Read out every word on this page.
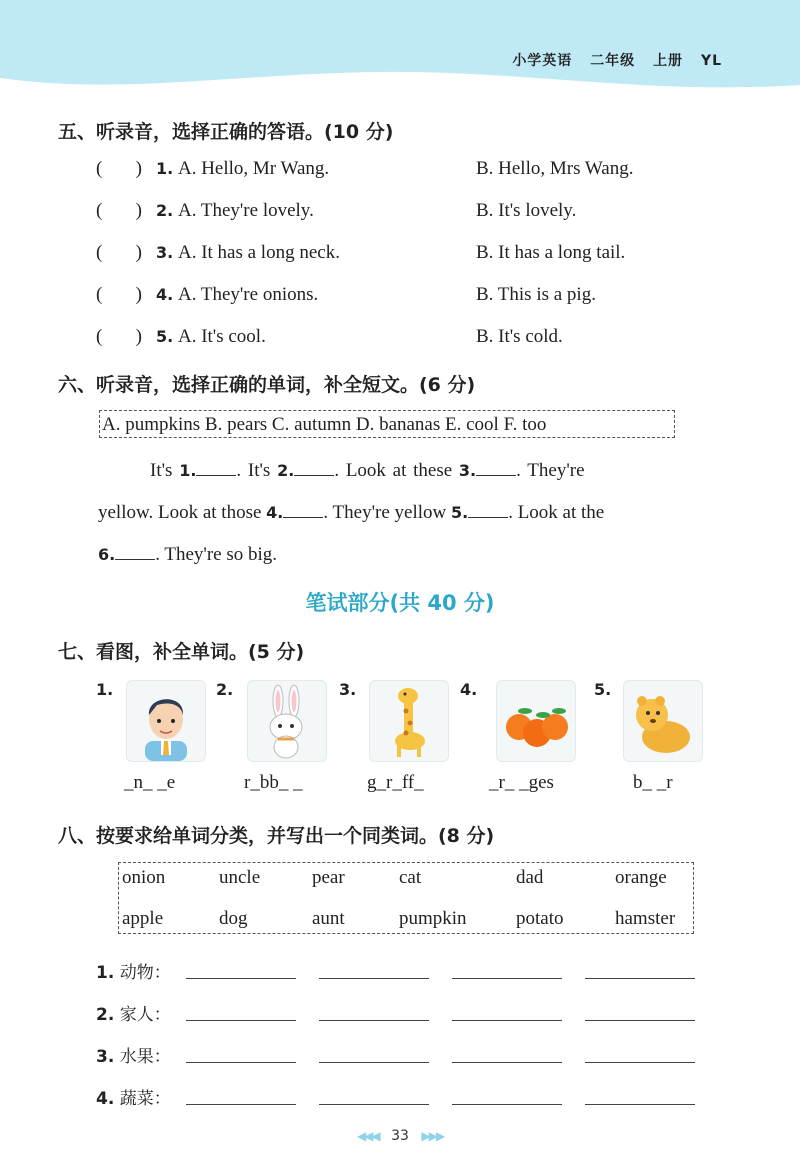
小学英语 二年级 上册 YL
五、听录音，选择正确的答语。(10 分)
(       ) 1. A. Hello, Mr Wang.	B. Hello, Mrs Wang.
(       ) 2. A. They're lovely.	B. It's lovely.
(       ) 3. A. It has a long neck.	B. It has a long tail.
(       ) 4. A. They're onions.	B. This is a pig.
(       ) 5. A. It's cool.	B. It's cold.
六、听录音，选择正确的单词，补全短文。(6 分)
A. pumpkins B. pears C. autumn D. bananas E. cool F. too
It's 1. . It's 2. . Look at these 3. . They're
yellow. Look at those 4. . They're yellow 5. . Look at the
6. . They're so big.
笔试部分(共 40 分)
七、看图，补全单词。(5 分)
1.
_n_ _e
2.
r_bb_ _
3.
g_r_ff_
4.
_r_ _ges
5.
b_ _r
八、按要求给单词分类，并写出一个同类词。(8 分)
onion	uncle	pear	cat	dad	orange
apple	dog	aunt	pumpkin	potato	hamster
1. 动物：
2. 家人：
3. 水果：
4. 蔬菜：
◀◀◀ 33 ▶▶▶
